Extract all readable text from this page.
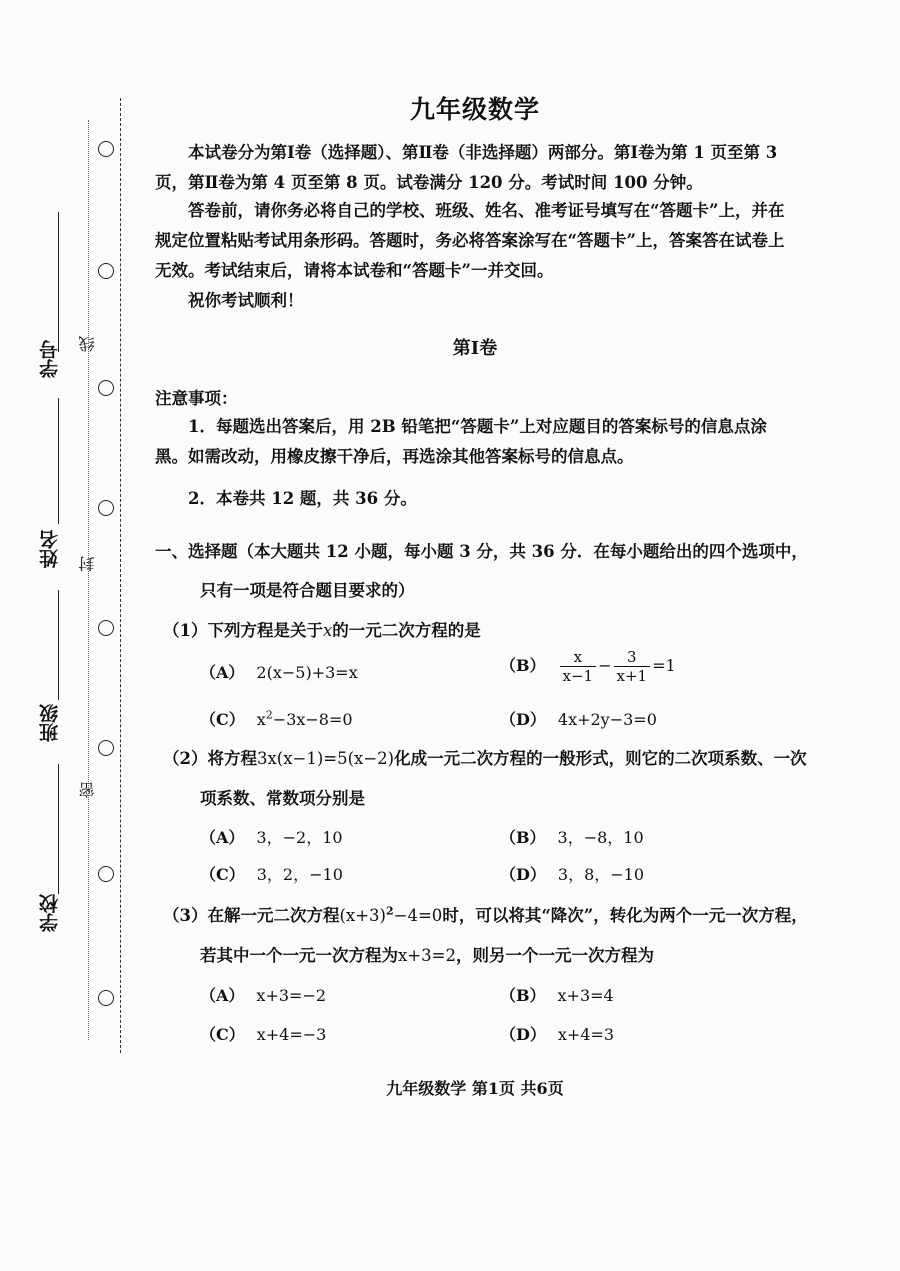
学号
姓名
班级
学校
线
封
密
九年级数学
本试卷分为第Ⅰ卷（选择题）、第Ⅱ卷（非选择题）两部分。第Ⅰ卷为第 1 页至第 3 页，第Ⅱ卷为第 4 页至第 8 页。试卷满分 120 分。考试时间 100 分钟。
答卷前，请你务必将自己的学校、班级、姓名、准考证号填写在“答题卡”上，并在规定位置粘贴考试用条形码。答题时，务必将答案涂写在“答题卡”上，答案答在试卷上无效。考试结束后，请将本试卷和“答题卡”一并交回。
祝你考试顺利！
第Ⅰ卷
注意事项：
1．每题选出答案后，用 2B 铅笔把“答题卡”上对应题目的答案标号的信息点涂黑。如需改动，用橡皮擦干净后，再选涂其他答案标号的信息点。
2．本卷共 12 题，共 36 分。
一、选择题（本大题共 12 小题，每小题 3 分，共 36 分．在每小题给出的四个选项中，
只有一项是符合题目要求的）
（1）下列方程是关于x的一元二次方程的是
（A） 2(x−5)+3=x	$(B) \frac{x}{x-1} - \frac{3}{x+1} =1$
（C） $x^2-3x-8=0$	（D） 4x+2y−3=0
（2）将方程3x(x−1)=5(x−2)化成一元二次方程的一般形式，则它的二次项系数、一次
项系数、常数项分别是
（A） 3，−2，10	（B） 3，−8，10
（C） 3，2，−10	（D） 3，8，−10
（3）在解一元二次方程$(x+3)^2-4=0$时，可以将其“降次”，转化为两个一元一次方程，
若其中一个一元一次方程为x+3=2，则另一个一元一次方程为
（A） x+3=−2	（B） x+3=4
（C） x+4=−3	（D） x+4=3
九年级数学 第1页 共6页
